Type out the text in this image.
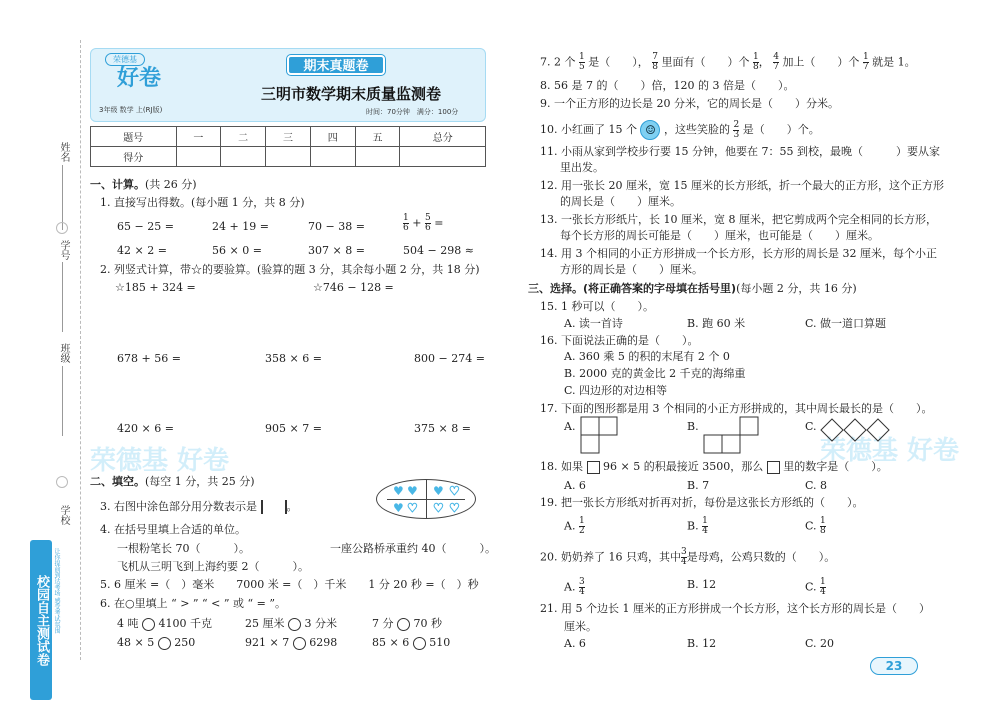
姓名
学号
班级
学校
校园自主测试卷 让你提前到达考场 感受考试氛围
荣德基
好卷
3年级 数学 上(RJ版)
期末真题卷
三明市数学期末质量监测卷
时间：70分钟　 满分：100分
题号	一	二	三	四	五	总分
得分						
一、计算。(共 26 分)
1. 直接写出得数。(每小题 1 分，共 8 分)
65 − 25 =	24 + 19 =	70 − 38 =	$\frac{1}{6} + \frac{5}{6}$ =
42 × 2 =	56 × 0 =	307 × 8 =	504 − 298 ≈
2. 列竖式计算，带☆的要验算。(验算的题 3 分，其余每小题 2 分，共 18 分)
☆185 + 324 =	☆746 − 128 =
678 + 56 =	358 × 6 =	800 − 274 =
420 × 6 =	905 × 7 =	375 × 8 =
二、填空。(每空 1 分，共 25 分)
3. 右图中涂色部分用分数表示是	。
♥ ♥ ♥ ♥
♥ ♥ ♥ ♥
4. 在括号里填上合适的单位。
一根粉笔长 70（　　　）。	一座公路桥承重约 40（　　　）。
飞机从三明飞到上海约要 2（　　　）。
5. 6 厘米 =（　）毫米　　7000 米 =（　）千米　　1 分 20 秒 =（　）秒
6. 在○里填上 “ > ” “ < ” 或 “ = ”。
4 吨 4100 千克	25 厘米 3 分米	7 分 70 秒
48 × 5 250	921 × 7 6298	85 × 6 510
荣德基 好卷	荣德基 好卷
7. 2 个 $\frac{1}{5}$ 是（　　）， $\frac{7}{8}$ 里面有（　　）个 $\frac{1}{8}$ ， $\frac{4}{7}$ 加上（　　）个 $\frac{1}{7}$ 就是 1。
8. 56 是 7 的（　　）倍，120 的 3 倍是（　　）。
9. 一个正方形的边长是 20 分米，它的周长是（　　）分米。
10. 小红画了 15 个 ☺ ，这些笑脸的 $\frac{2}{3}$ 是（　　）个。
11. 小雨从家到学校步行要 15 分钟，他要在 7：55 到校，最晚（　　　）要从家
里出发。
12. 用一张长 20 厘米，宽 15 厘米的长方形纸，折一个最大的正方形，这个正方形
的周长是（　　）厘米。
13. 一张长方形纸片，长 10 厘米，宽 8 厘米，把它剪成两个完全相同的长方形，
每个长方形的周长可能是（　　）厘米，也可能是（　　）厘米。
14. 用 3 个相同的小正方形拼成一个长方形，长方形的周长是 32 厘米，每个小正
方形的周长是（　　）厘米。
三、选择。(将正确答案的字母填在括号里)(每小题 2 分，共 16 分)
15. 1 秒可以（　　）。
A. 读一首诗	B. 跑 60 米	C. 做一道口算题
16. 下面说法正确的是（　　）。
A. 360 乘 5 的积的末尾有 2 个 0
B. 2000 克的黄金比 2 千克的海绵重
C. 四边形的对边相等
17. 下面的图形都是用 3 个相同的小正方形拼成的，其中周长最长的是（　　）。
A.	B.	C.
18. 如果 96 × 5 的积最接近 3500，那么 里的数字是（　　）。
A. 6	B. 7	C. 8
19. 把一张长方形纸对折再对折，每份是这张长方形纸的（　　）。
A. $\frac{1}{2}$	B. $\frac{1}{4}$	C. $\frac{1}{8}$
20. 奶奶养了 16 只鸡，其中 $\frac{3}{4}$ 是母鸡，公鸡只数的（　　）。
A. $\frac{3}{4}$	B. 12	C. $\frac{1}{4}$
21. 用 5 个边长 1 厘米的正方形拼成一个长方形，这个长方形的周长是（　　）
厘米。
A. 6	B. 12	C. 20
23
